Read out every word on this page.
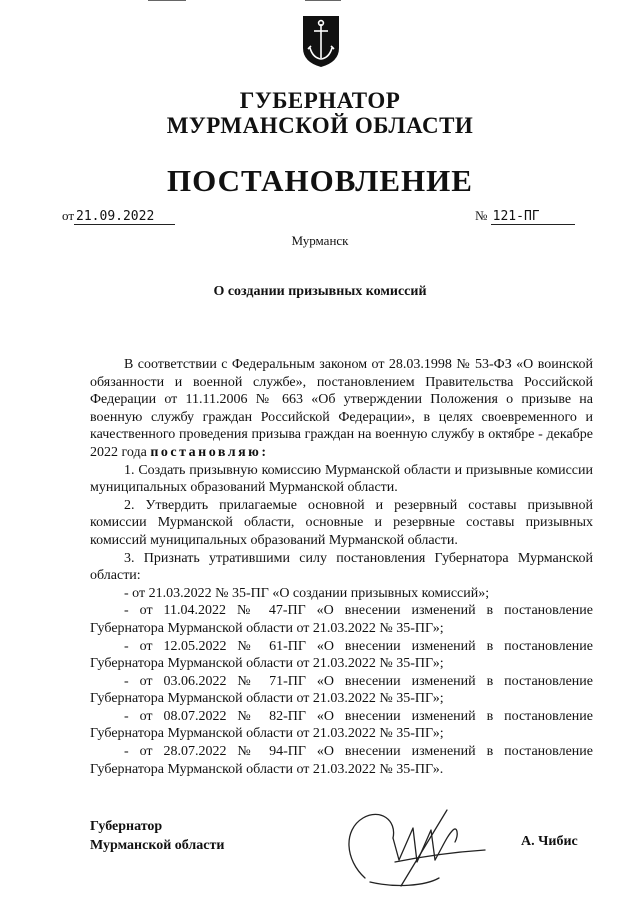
ГУБЕРНАТОР
МУРМАНСКОЙ ОБЛАСТИ
ПОСТАНОВЛЕНИЕ
от 21.09.2022	№ 121-ПГ
Мурманск
О создании призывных комиссий

В соответствии с Федеральным законом от 28.03.1998 № 53-ФЗ «О воинской обязанности и военной службе», постановлением Правительства Российской Федерации от 11.11.2006 № 663 «Об утверждении Положения о призыве на военную службу граждан Российской Федерации», в целях своевременного и качественного проведения призыва граждан на военную службу в октябре - декабре 2022 года постановляю:

1. Создать призывную комиссию Мурманской области и призывные комиссии муниципальных образований Мурманской области.

2. Утвердить прилагаемые основной и резервный составы призывной комиссии Мурманской области, основные и резервные составы призывных комиссий муниципальных образований Мурманской области.

3. Признать утратившими силу постановления Губернатора Мурманской области:

- от 21.03.2022 № 35-ПГ «О создании призывных комиссий»;

- от 11.04.2022 № 47-ПГ «О внесении изменений в постановление Губернатора Мурманской области от 21.03.2022 № 35-ПГ»;

- от 12.05.2022 № 61-ПГ «О внесении изменений в постановление Губернатора Мурманской области от 21.03.2022 № 35-ПГ»;

- от 03.06.2022 № 71-ПГ «О внесении изменений в постановление Губернатора Мурманской области от 21.03.2022 № 35-ПГ»;

- от 08.07.2022 № 82-ПГ «О внесении изменений в постановление Губернатора Мурманской области от 21.03.2022 № 35-ПГ»;

- от 28.07.2022 № 94-ПГ «О внесении изменений в постановление Губернатора Мурманской области от 21.03.2022 № 35-ПГ».

Губернатор
Мурманской области	А. Чибис
